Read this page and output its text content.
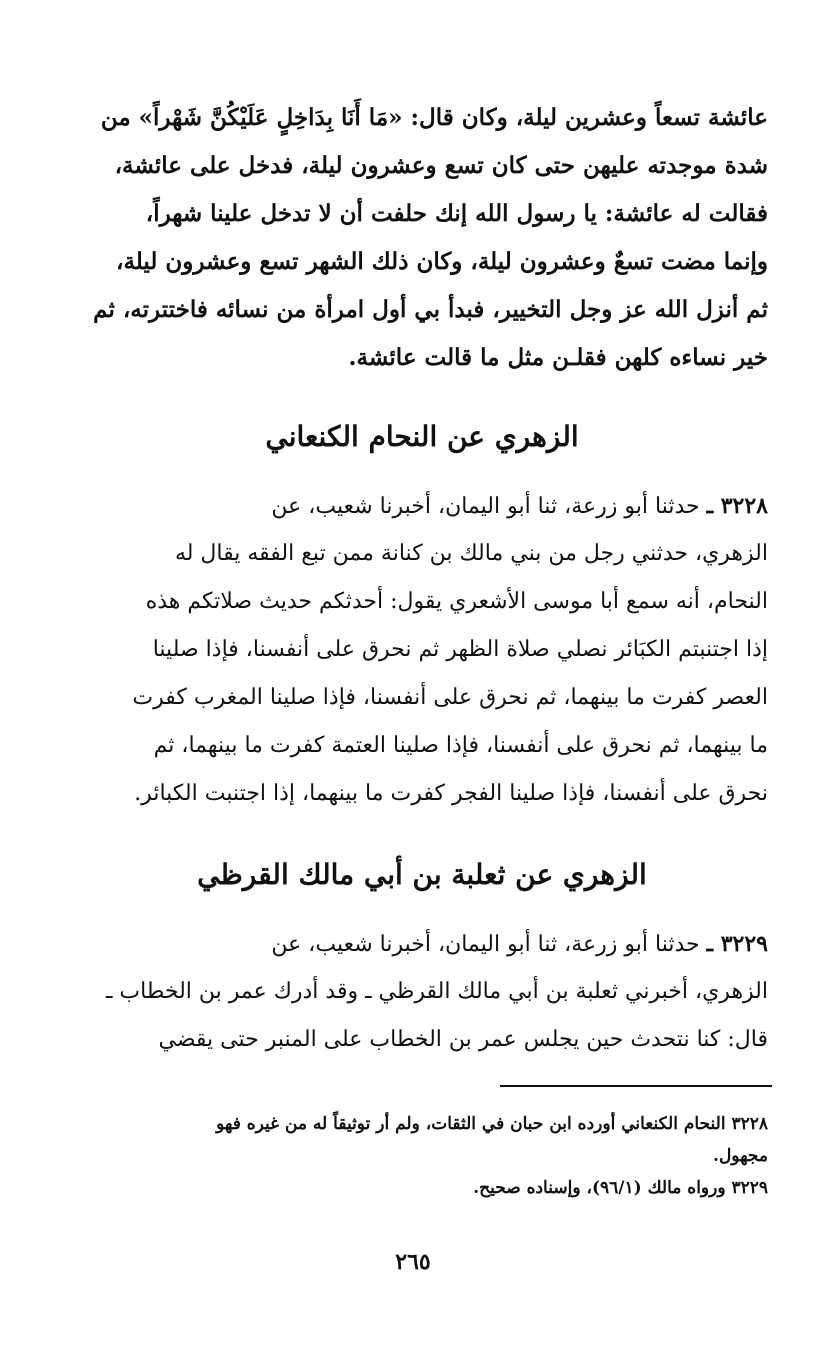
عائشة تسعاً وعشرين ليلة، وكان قال: «مَا أَنَا بِدَاخِلٍ عَلَيْكُنَّ شَهْراً» من
شدة موجدته عليهن حتى كان تسع وعشرون ليلة، فدخل على عائشة،
فقالت له عائشة: يا رسول الله إنك حلفت أن لا تدخل علينا شهراً،
وإنما مضت تسعٌ وعشرون ليلة، وكان ذلك الشهر تسع وعشرون ليلة،
ثم أنزل الله عز وجل التخيير، فبدأ بي أول امرأة من نسائه فاختترته، ثم
خير نساءه كلهن فقلـن مثل ما قالت عائشة.
الزهري عن النحام الكنعاني
٣٢٢٨ ـ حدثنا أبو زرعة، ثنا أبو اليمان، أخبرنا شعيب، عن
الزهري، حدثني رجل من بني مالك بن كنانة ممن تبع الفقه يقال له
النحام، أنه سمع أبا موسى الأشعري يقول: أحدثكم حديث صلاتكم هذه
إذا اجتنبتم الكبَائر نصلي صلاة الظهر ثم نحرق على أنفسنا، فإذا صلينا
العصر كفرت ما بينهما، ثم نحرق على أنفسنا، فإذا صلينا المغرب كفرت
ما بينهما، ثم نحرق على أنفسنا، فإذا صلينا العتمة كفرت ما بينهما، ثم
نحرق على أنفسنا، فإذا صلينا الفجر كفرت ما بينهما، إذا اجتنبت الكبائر.
الزهري عن ثعلبة بن أبي مالك القرظي
٣٢٢٩ ـ حدثنا أبو زرعة، ثنا أبو اليمان، أخبرنا شعيب، عن
الزهري، أخبرني ثعلبة بن أبي مالك القرظي ـ وقد أدرك عمر بن الخطاب ـ
قال: كنا نتحدث حين يجلس عمر بن الخطاب على المنبر حتى يقضي
٣٢٢٨ النحام الكنعاني أورده ابن حبان في الثقات، ولم أر توثيقاً له من غيره فهو
مجهول.
٣٢٢٩ ورواه مالك (٩٦/١)، وإسناده صحيح.
٢٦٥
